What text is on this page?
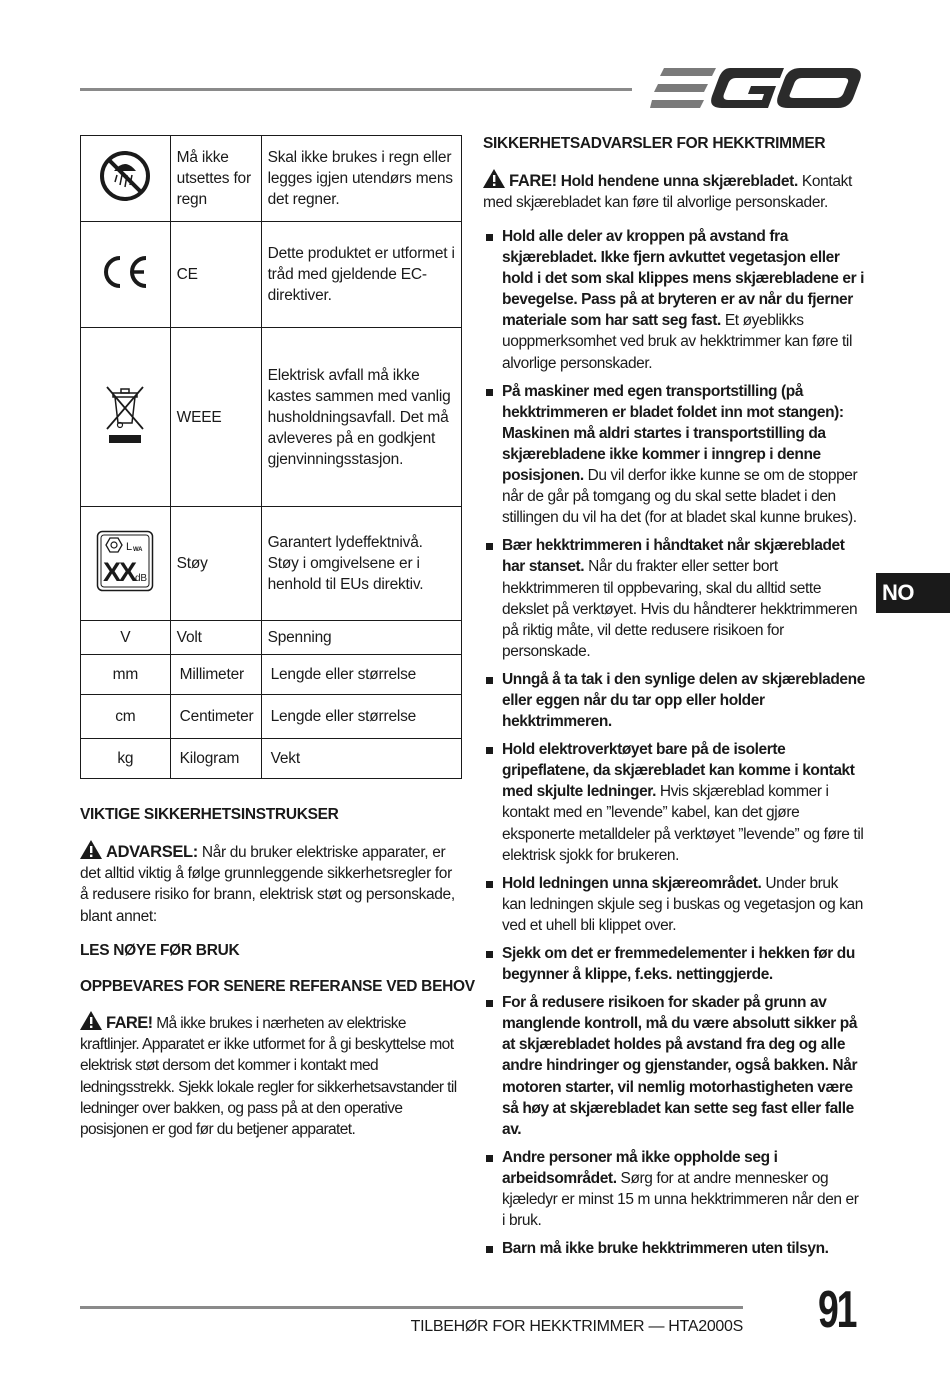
	Må ikke utsettes for regn	Skal ikke brukes i regn eller legges igjen utendørs mens det regner.
	CE	Dette produktet er utformet i tråd med gjeldende EC-direktiver.
	WEEE	Elektrisk avfall må ikke kastes sammen med vanlig husholdningsavfall. Det må avleveres på en godkjent gjenvinningsstasjon.

L WA
XX dB	Støy	Garantert lydeffektnivå. Støy i omgivelsene er i henhold til EUs direktiv.
V	Volt	Spenning
mm	Millimeter	Lengde eller størrelse
cm	Centimeter	Lengde eller størrelse
kg	Kilogram	Vekt
VIKTIGE SIKKERHETSINSTRUKSER
ADVARSEL: Når du bruker elektriske apparater, er det alltid viktig å følge grunnleggende sikkerhetsregler for å redusere risiko for brann, elektrisk støt og personskade, blant annet:
LES NØYE FØR BRUK
OPPBEVARES FOR SENERE REFERANSE VED BEHOV
FARE! Må ikke brukes i nærheten av elektriske kraftlinjer. Apparatet er ikke utformet for å gi beskyttelse mot elektrisk støt dersom det kommer i kontakt med ledningsstrekk. Sjekk lokale regler for sikkerhetsavstander til ledninger over bakken, og pass på at den operative posisjonen er god før du betjener apparatet.
SIKKERHETSADVARSLER FOR HEKKTRIMMER
FARE! Hold hendene unna skjærebladet. Kontakt med skjærebladet kan føre til alvorlige personskader.
Hold alle deler av kroppen på avstand fra skjærebladet. Ikke fjern avkuttet vegetasjon eller hold i det som skal klippes mens skjærebladene er i bevegelse. Pass på at bryteren er av når du fjerner materiale som har satt seg fast. Et øyeblikks uoppmerksomhet ved bruk av hekktrimmer kan føre til alvorlige personskader.
På maskiner med egen transportstilling (på hekktrimmeren er bladet foldet inn mot stangen): Maskinen må aldri startes i transportstilling da skjærebladene ikke kommer i inngrep i denne posisjonen. Du vil derfor ikke kunne se om de stopper når de går på tomgang og du skal sette bladet i den stillingen du vil ha det (for at bladet skal kunne brukes).
Bær hekktrimmeren i håndtaket når skjærebladet har stanset. Når du frakter eller setter bort hekktrimmeren til oppbevaring, skal du alltid sette dekslet på verktøyet. Hvis du håndterer hekktrimmeren på riktig måte, vil dette redusere risikoen for personskade.
Unngå å ta tak i den synlige delen av skjærebladene eller eggen når du tar opp eller holder hekktrimmeren.
Hold elektroverktøyet bare på de isolerte gripeflatene, da skjærebladet kan komme i kontakt med skjulte ledninger. Hvis skjæreblad kommer i kontakt med en ”levende” kabel, kan det gjøre eksponerte metalldeler på verktøyet ”levende” og føre til elektrisk sjokk for brukeren.
Hold ledningen unna skjæreområdet. Under bruk kan ledningen skjule seg i buskas og vegetasjon og kan ved et uhell bli klippet over.
Sjekk om det er fremmedelementer i hekken før du begynner å klippe, f.eks. nettinggjerde.
For å redusere risikoen for skader på grunn av manglende kontroll, må du være absolutt sikker på at skjærebladet holdes på avstand fra deg og alle andre hindringer og gjenstander, også bakken. Når motoren starter, vil nemlig motorhastigheten være så høy at skjærebladet kan sette seg fast eller falle av.
Andre personer må ikke oppholde seg i arbeidsområdet. Sørg for at andre mennesker og kjæledyr er minst 15 m unna hekktrimmeren når den er i bruk.
Barn må ikke bruke hekktrimmeren uten tilsyn.
NO
TILBEHØR FOR HEKKTRIMMER — HTA2000S 91
